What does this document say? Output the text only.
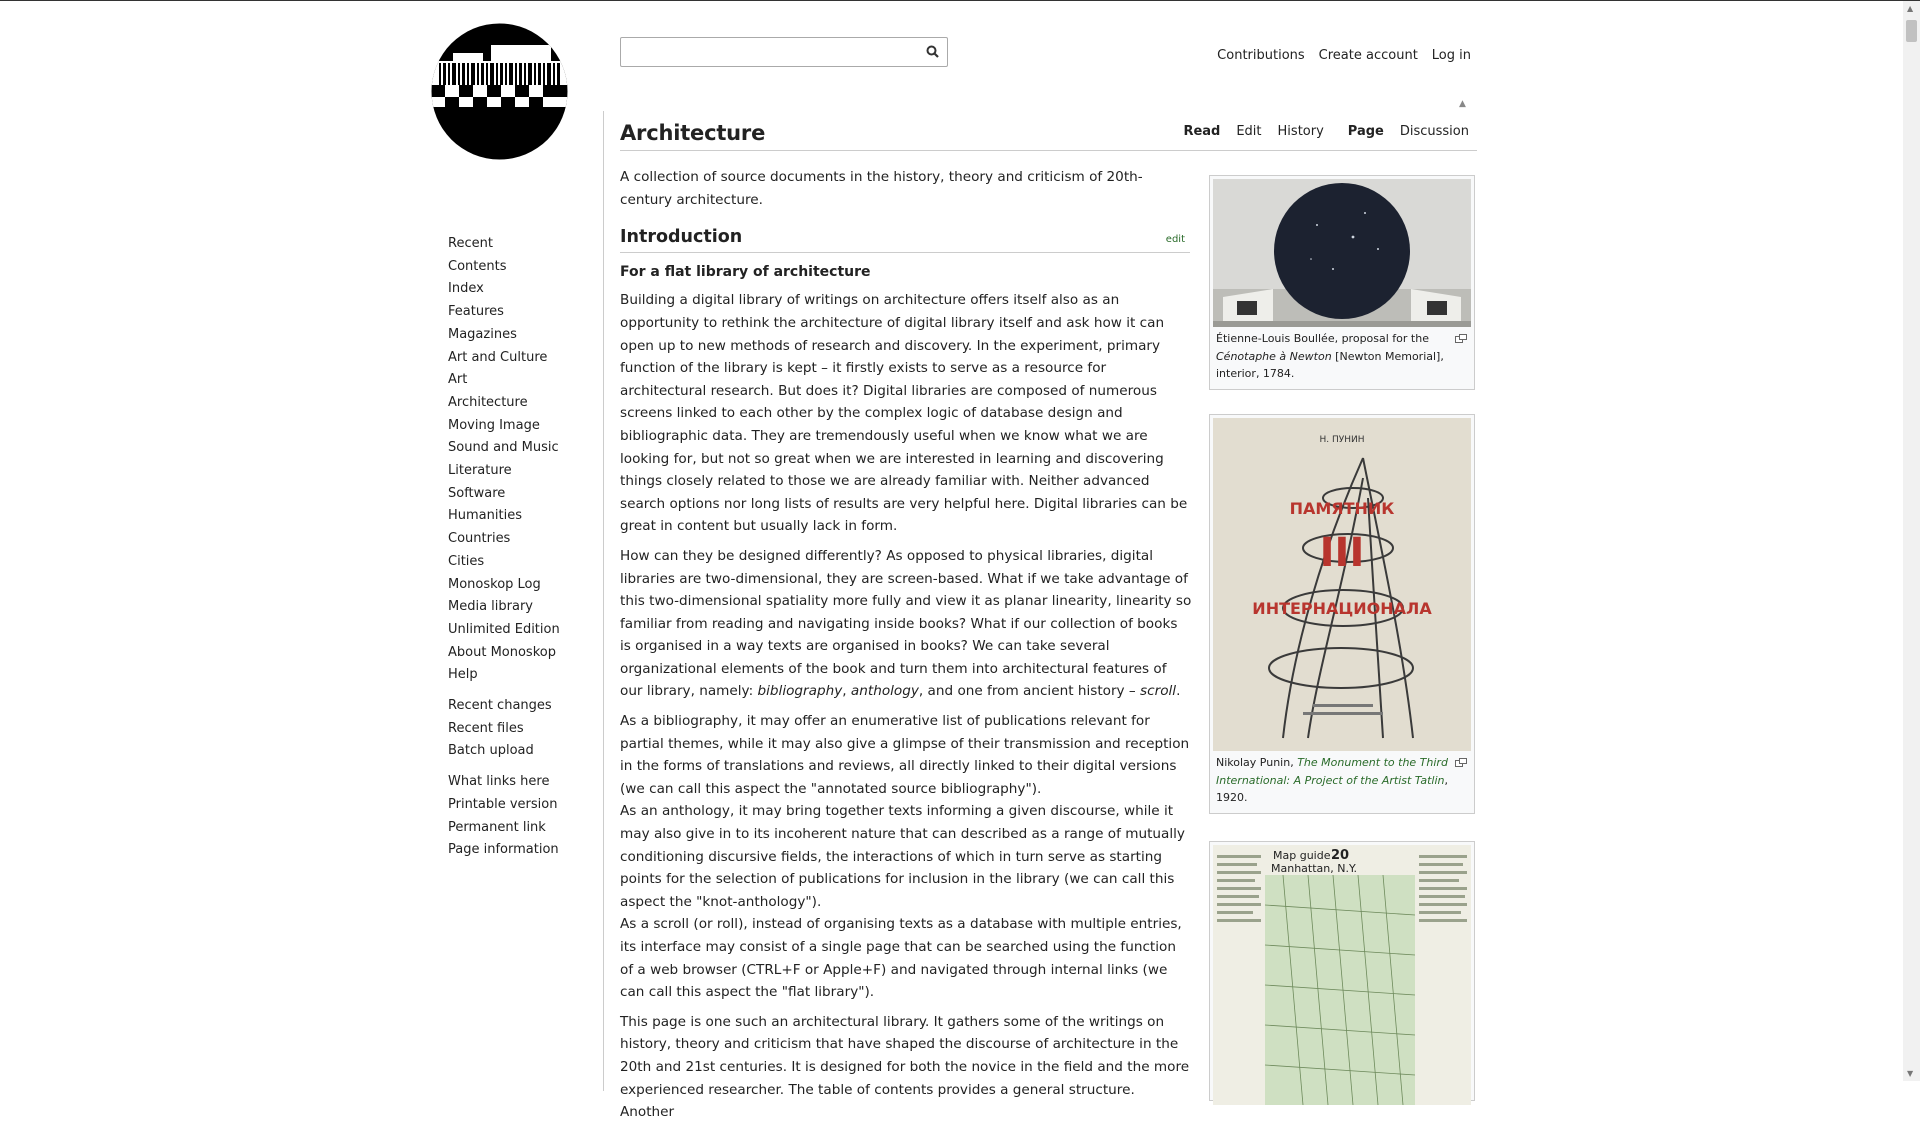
Contributions Create account Log in
▲
Recent
Contents
Index
Features
Magazines
Art and Culture
Art
Architecture
Moving Image
Sound and Music
Literature
Software
Humanities
Countries
Cities
Monoskop Log
Media library
Unlimited Edition
About Monoskop
Help
Recent changes
Recent files
Batch upload
What links here
Printable version
Permanent link
Page information
Architecture	Read Edit History Page Discussion

A collection of source documents in the history, theory and criticism of 20th-century architecture.

Introduction	edit
For a flat library of architecture

Building a digital library of writings on architecture offers itself also as an opportunity to rethink the architecture of digital library itself and ask how it can open up to new methods of research and discovery. In the experiment, primary function of the library is kept – it firstly exists to serve as a resource for architectural research. But does it? Digital libraries are composed of numerous screens linked to each other by the complex logic of database design and bibliographic data. They are tremendously useful when we know what we are looking for, but not so great when we are interested in learning and discovering things closely related to those we are already familiar with. Neither advanced search options nor long lists of results are very helpful here. Digital libraries can be great in content but usually lack in form.

How can they be designed differently? As opposed to physical libraries, digital libraries are two-dimensional, they are screen-based. What if we take advantage of this two-dimensional spatiality more fully and view it as planar linearity, linearity so familiar from reading and navigating inside books? What if our collection of books is organised in a way texts are organised in books? We can take several organizational elements of the book and turn them into architectural features of our library, namely: bibliography, anthology, and one from ancient history – scroll.

As a bibliography, it may offer an enumerative list of publications relevant for partial themes, while it may also give a glimpse of their transmission and reception in the forms of translations and reviews, all directly linked to their digital versions (we can call this aspect the "annotated source bibliography").

As an anthology, it may bring together texts informing a given discourse, while it may also give in to its incoherent nature that can described as a range of mutually conditioning discursive fields, the interactions of which in turn serve as starting points for the selection of publications for inclusion in the library (we can call this aspect the "knot-anthology").

As a scroll (or roll), instead of organising texts as a database with multiple entries, its interface may consist of a single page that can be searched using the function of a web browser (CTRL+F or Apple+F) and navigated through internal links (we can call this aspect the "flat library").

This page is one such an architectural library. It gathers some of the writings on history, theory and criticism that have shaped the discourse of architecture in the 20th and 21st centuries. It is designed for both the novice in the field and the more experienced researcher. The table of contents provides a general structure. Another

Étienne-Louis Boullée, proposal for the Cénotaphe à Newton [Newton Memorial], interior, 1784.
Н. ПУНИН
ПАМЯТНИК
III
ИНТЕРНАЦИОНАЛА
Nikolay Punin, The Monument to the Third International: A Project of the Artist Tatlin, 1920.
Map guide 20
Manhattan, N.Y.
▲
▼
